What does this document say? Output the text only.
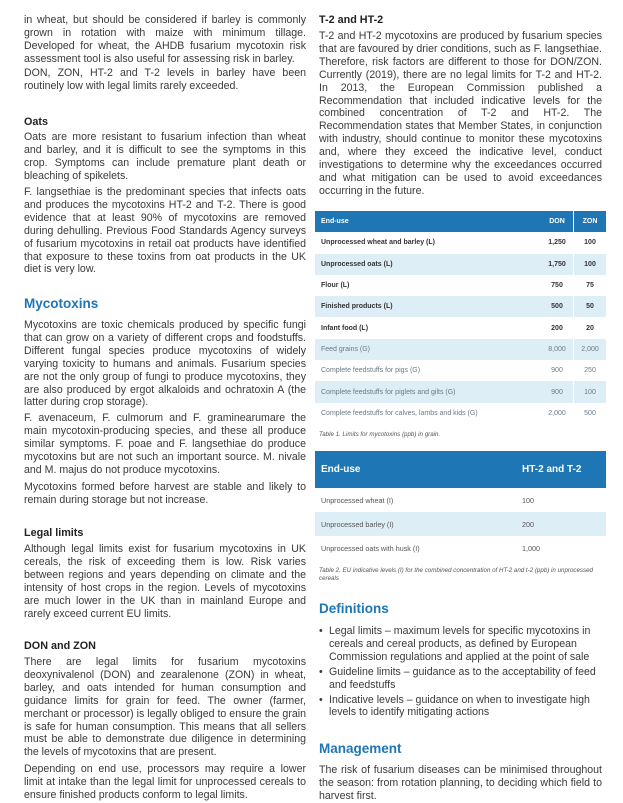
in wheat, but should be considered if barley is commonly grown in rotation with maize with minimum tillage. Developed for wheat, the AHDB fusarium mycotoxin risk assessment tool is also useful for assessing risk in barley.

DON, ZON, HT-2 and T-2 levels in barley have been routinely low with legal limits rarely exceeded.

Oats

Oats are more resistant to fusarium infection than wheat and barley, and it is difficult to see the symptoms in this crop. Symptoms can include premature plant death or bleaching of spikelets.

F. langsethiae is the predominant species that infects oats and produces the mycotoxins HT-2 and T-2. There is good evidence that at least 90% of mycotoxins are removed during dehulling. Previous Food Standards Agency surveys of fusarium mycotoxins in retail oat products have identified that exposure to these toxins from oat products in the UK diet is very low.

Mycotoxins

Mycotoxins are toxic chemicals produced by specific fungi that can grow on a variety of different crops and foodstuffs. Different fungal species produce mycotoxins of widely varying toxicity to humans and animals. Fusarium species are not the only group of fungi to produce mycotoxins, they are also produced by ergot alkaloids and ochratoxin A (the latter during crop storage).

F. avenaceum, F. culmorum and F. graminearumare the main mycotoxin-producing species, and these all produce similar symptoms. F. poae and F. langsethiae do produce mycotoxins but are not such an important source. M. nivale and M. majus do not produce mycotoxins.

Mycotoxins formed before harvest are stable and likely to remain during storage but not increase.

Legal limits

Although legal limits exist for fusarium mycotoxins in UK cereals, the risk of exceeding them is low. Risk varies between regions and years depending on climate and the intensity of host crops in the region. Levels of mycotoxins are much lower in the UK than in mainland Europe and rarely exceed current EU limits.

DON and ZON

There are legal limits for fusarium mycotoxins deoxynivalenol (DON) and zearalenone (ZON) in wheat, barley, and oats intended for human consumption and guidance limits for grain for feed. The owner (farmer, merchant or processor) is legally obliged to ensure the grain is safe for human consumption. This means that all sellers must be able to demonstrate due diligence in determining the levels of mycotoxins that are present.

Depending on end use, processors may require a lower limit at intake than the legal limit for unprocessed cereals to ensure finished products conform to legal limits.

T-2 and HT-2

T-2 and HT-2 mycotoxins are produced by fusarium species that are favoured by drier conditions, such as F. langsethiae. Therefore, risk factors are different to those for DON/ZON. Currently (2019), there are no legal limits for T-2 and HT-2. In 2013, the European Commission published a Recommendation that included indicative levels for the combined concentration of T-2 and HT-2. The Recommendation states that Member States, in conjunction with industry, should continue to monitor these mycotoxins and, where they exceed the indicative level, conduct investigations to determine why the exceedances occurred and what mitigation can be used to avoid exceedances occurring in the future.

End-use	DON	ZON
Unprocessed wheat and barley (L)	1,250	100
Unprocessed oats (L)	1,750	100
Flour (L)	750	75
Finished products (L)	500	50
Infant food (L)	200	20
Feed grains (G)	8,000	2,000
Complete feedstuffs for pigs (G)	900	250
Complete feedstuffs for piglets and gilts (G)	900	100
Complete feedstuffs for calves, lambs and kids (G)	2,000	500
Table 1. Limits for mycotoxins (ppb) in grain.
End-use	HT-2 and T-2
Unprocessed wheat (I)	100
Unprocessed barley (I)	200
Unprocessed oats with husk (I)	1,000
Table 2. EU indicative levels (I) for the combined concentration of HT-2 and t-2 (ppb) in unprocessed cereals
Definitions
• Legal limits – maximum levels for specific mycotoxins in cereals and cereal products, as defined by European Commission regulations and applied at the point of sale
• Guideline limits – guidance as to the acceptability of feed and feedstuffs
• Indicative levels – guidance on when to investigate high levels to identify mitigating actions
Management

The risk of fusarium diseases can be minimised throughout the season: from rotation planning, to deciding which field to harvest first.
